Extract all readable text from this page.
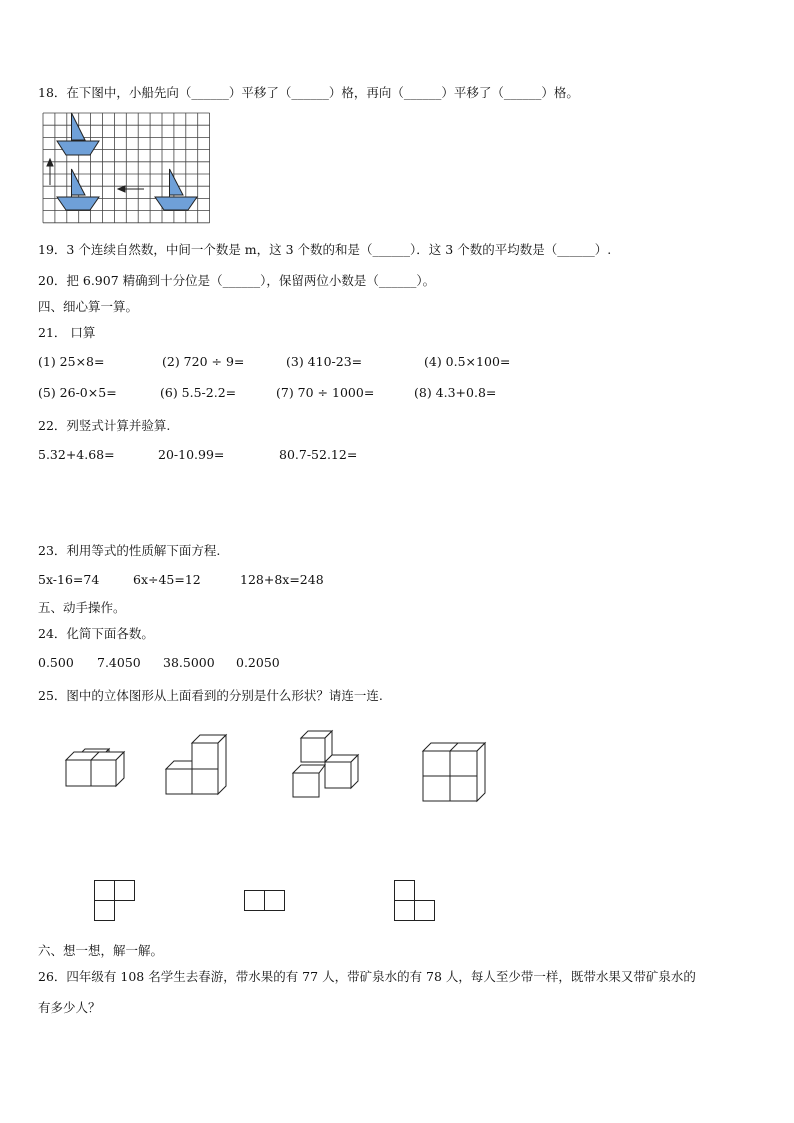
18．在下图中，小船先向（______）平移了（______）格，再向（______）平移了（______）格。
19．3 个连续自然数，中间一个数是 m，这 3 个数的和是（______）．这 3 个数的平均数是（______）.
20．把 6.907 精确到十分位是（______），保留两位小数是（______）。
四、细心算一算。
21． 口算
(1) 25×8=	(2) 720 ÷ 9=	(3) 410-23=	(4) 0.5×100=
(5) 26-0×5=	(6) 5.5-2.2=	(7) 70 ÷ 1000=	(8) 4.3+0.8=
22．列竖式计算并验算.
5.32+4.68=	20-10.99=	80.7-52.12=
23．利用等式的性质解下面方程.
5x-16=74	6x÷45=12	128+8x=248
五、动手操作。
24．化简下面各数。
0.500 7.4050 38.5000 0.2050
25．图中的立体图形从上面看到的分别是什么形状？请连一连.
六、想一想，解一解。
26．四年级有 108 名学生去春游，带水果的有 77 人，带矿泉水的有 78 人，每人至少带一样，既带水果又带矿泉水的
有多少人？
